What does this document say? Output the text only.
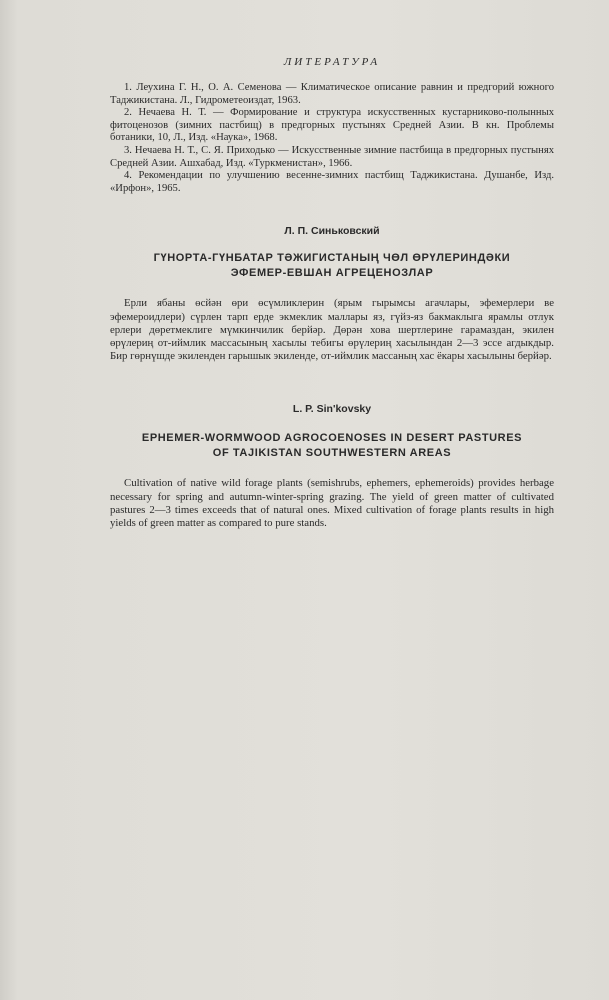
ЛИТЕРАТУРА

1. Леухина Г. Н., О. А. Семенова — Климатическое описание равнин и предгорий южного Таджикистана. Л., Гидрометеоиздат, 1963.

2. Нечаева Н. Т. — Формирование и структура искусственных кустарниково-полынных фитоценозов (зимних пастбищ) в предгорных пустынях Средней Азии. В кн. Проблемы ботаники, 10, Л., Изд. «Наука», 1968.

3. Нечаева Н. Т., С. Я. Приходько — Искусственные зимние пастбища в предгорных пустынях Средней Азии. Ашхабад, Изд. «Туркменистан», 1966.

4. Рекомендации по улучшению весенне-зимних пастбищ Таджикистана. Душанбе, Изд. «Ирфон», 1965.

Л. П. Синьковский

ГҮНОРТА-ГҮНБАТАР ТӘЖИГИСТАНЫҢ ЧӨЛ ӨРҮЛЕРИНДӘКИ

ЭФЕМЕР-ЕВШАН АГРЕЦЕНОЗЛАР

Ерли ябаны өсйән өри өсүмликлерин (ярым гырымсы агачлары, эфемерлери ве эфемероидлери) сүрлен тарп ерде экмеклик маллары яз, гүйз-яз бакмаклыга ярамлы отлук ерлери дөретмеклиге мүмкинчилик берйәр. Дөрән хова шертлерине гарамаздан, экилен өрүлериң от-иймлик массасының хасылы тебигы өрүлериң хасылындан 2—3 эссе агдыкдыр. Бир гөрнүшде экиленден гарышык экиленде, от-иймлик массаның хас ёкары хасылыны берйәр.

L. P. Sin'kovsky

EPHEMER-WORMWOOD AGROCOENOSES IN DESERT PASTURES

OF TAJIKISTAN SOUTHWESTERN AREAS

Cultivation of native wild forage plants (semishrubs, ephemers, ephemeroids) provides herbage necessary for spring and autumn-winter-spring grazing. The yield of green matter of cultivated pastures 2—3 times exceeds that of natural ones. Mixed cultivation of forage plants results in high yields of green matter as compared to pure stands.
